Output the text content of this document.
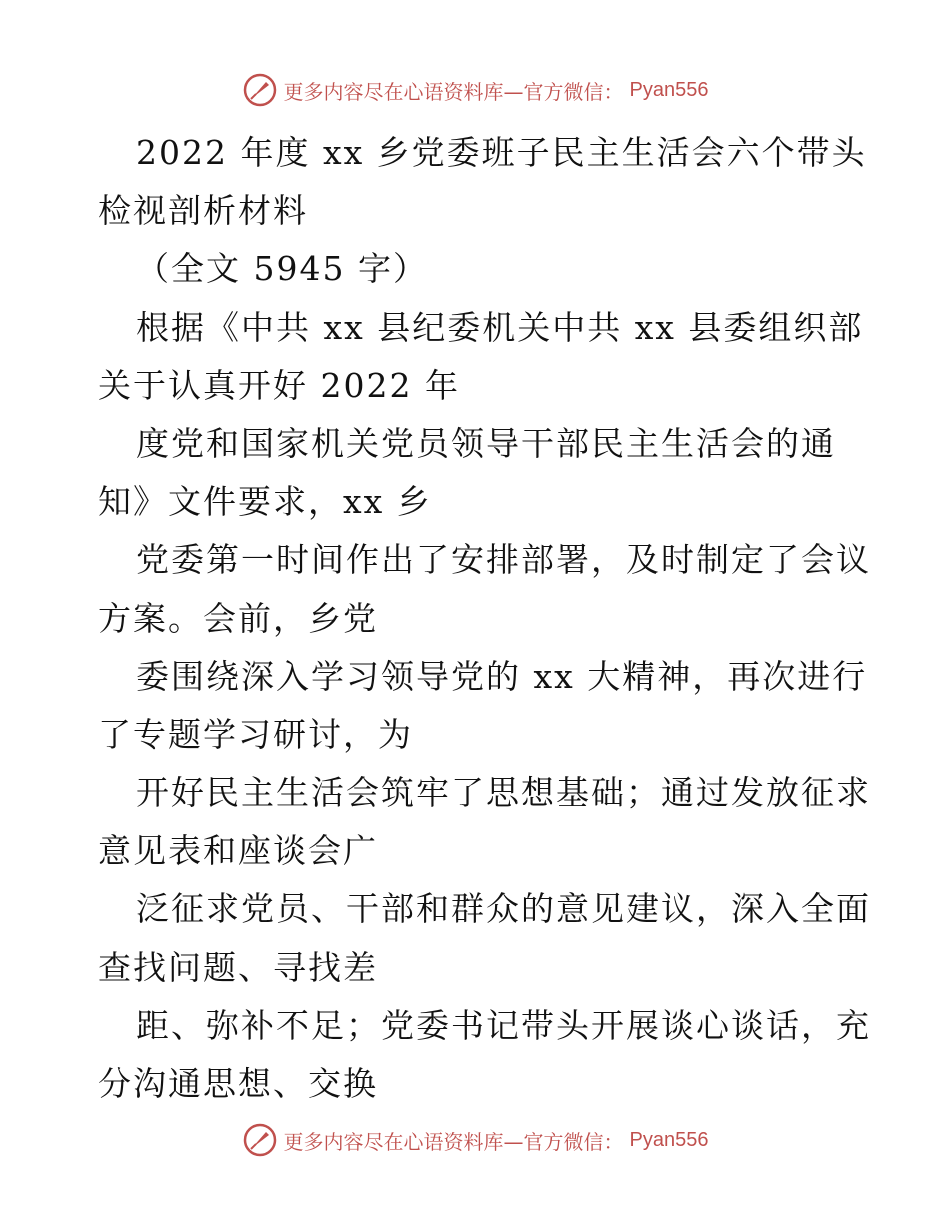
更多内容尽在心语资料库—官方微信： Pyan556
2022 年度 xx 乡党委班子民主生活会六个带头
检视剖析材料
（全文 5945 字）
根据《中共 xx 县纪委机关中共 xx 县委组织部
关于认真开好 2022 年
度党和国家机关党员领导干部民主生活会的通
知》文件要求，xx 乡
党委第一时间作出了安排部署，及时制定了会议
方案。会前，乡党
委围绕深入学习领导党的 xx 大精神，再次进行
了专题学习研讨，为
开好民主生活会筑牢了思想基础；通过发放征求
意见表和座谈会广
泛征求党员、干部和群众的意见建议，深入全面
查找问题、寻找差
距、弥补不足；党委书记带头开展谈心谈话，充
分沟通思想、交换
更多内容尽在心语资料库—官方微信： Pyan556
